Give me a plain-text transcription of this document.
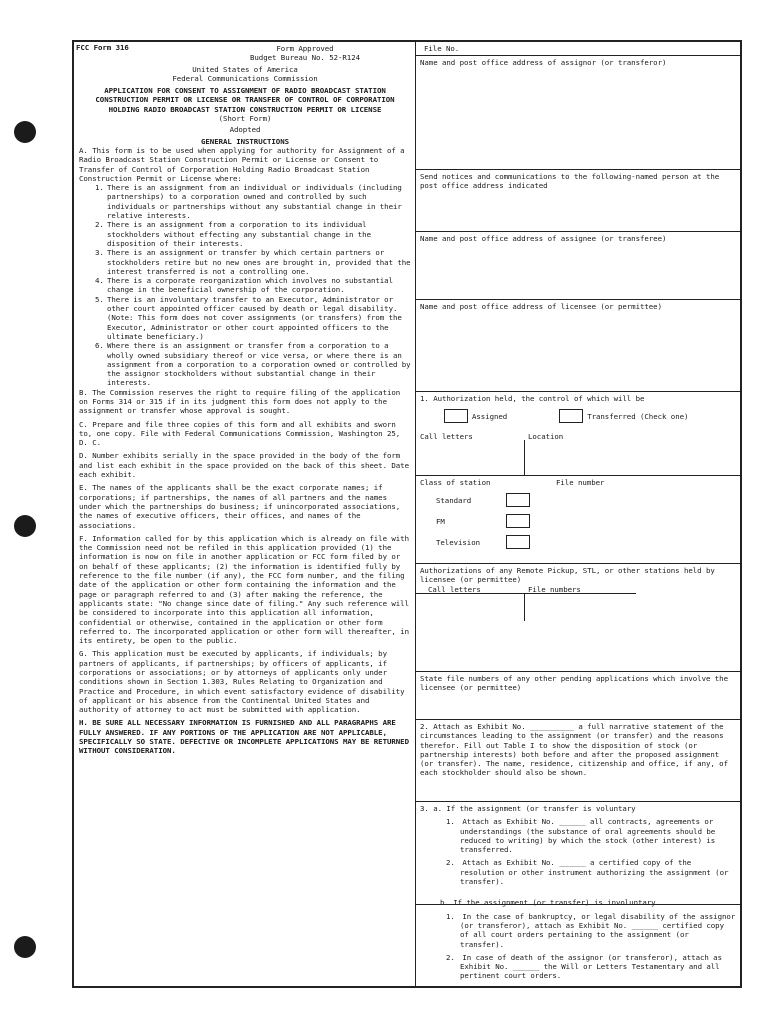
FCC Form 316	Form Approved
Budget Bureau No. 52-R124
United States of America
Federal Communications Commission
APPLICATION FOR CONSENT TO ASSIGNMENT OF RADIO BROADCAST STATION CONSTRUCTION PERMIT OR LICENSE OR TRANSFER OF CONTROL OF CORPORATION HOLDING RADIO BROADCAST STATION CONSTRUCTION PERMIT OR LICENSE
(Short Form)
Adopted
GENERAL INSTRUCTIONS
A. This form is to be used when applying for authority for Assignment of a Radio Broadcast Station Construction Permit or License or Consent to Transfer of Control of Corporation Holding Radio Broadcast Station Construction Permit or License where:
1. There is an assignment from an individual or individuals (including partnerships) to a corporation owned and controlled by such individuals or partnerships without any substantial change in their relative interests.
2. There is an assignment from a corporation to its individual stockholders without effecting any substantial change in the disposition of their interests.
3. There is an assignment or transfer by which certain partners or stockholders retire but no new ones are brought in, provided that the interest transferred is not a controlling one.
4. There is a corporate reorganization which involves no substantial change in the beneficial ownership of the corporation.
5. There is an involuntary transfer to an Executor, Administrator or other court appointed officer caused by death or legal disability. (Note: This form does not cover assignments (or transfers) from the Executor, Administrator or other court appointed officers to the ultimate beneficiary.)
6. Where there is an assignment or transfer from a corporation to a wholly owned subsidiary thereof or vice versa, or where there is an assignment from a corporation to a corporation owned or controlled by the assignor stockholders without substantial change in their interests.
B. The Commission reserves the right to require filing of the application on Forms 314 or 315 if in its judgment this form does not apply to the assignment or transfer whose approval is sought.
C. Prepare and file three copies of this form and all exhibits and sworn to, one copy. File with Federal Communications Commission, Washington 25, D. C.
D. Number exhibits serially in the space provided in the body of the form and list each exhibit in the space provided on the back of this sheet. Date each exhibit.
E. The names of the applicants shall be the exact corporate names; if corporations; if partnerships, the names of all partners and the names under which the partnerships do business; if unincorporated associations, the names of executive officers, their offices, and names of the associations.
F. Information called for by this application which is already on file with the Commission need not be refiled in this application provided (1) the information is now on file in another application or FCC form filed by or on behalf of these applicants; (2) the information is identified fully by reference to the file number (if any), the FCC form number, and the filing date of the application or other form containing the information and the page or paragraph referred to and (3) after making the reference, the applicants state: "No change since date of filing." Any such reference will be considered to incorporate into this application all information, confidential or otherwise, contained in the application or other form referred to. The incorporated application or other form will thereafter, in its entirety, be open to the public.
G. This application must be executed by applicants, if individuals; by partners of applicants, if partnerships; by officers of applicants, if corporations or associations; or by attorneys of applicants only under conditions shown in Section 1.303, Rules Relating to Organization and Practice and Procedure, in which event satisfactory evidence of disability of applicant or his absence from the Continental United States and authority of attorney to act must be submitted with application.
H. BE SURE ALL NECESSARY INFORMATION IS FURNISHED AND ALL PARAGRAPHS ARE FULLY ANSWERED. IF ANY PORTIONS OF THE APPLICATION ARE NOT APPLICABLE, SPECIFICALLY SO STATE. DEFECTIVE OR INCOMPLETE APPLICATIONS MAY BE RETURNED WITHOUT CONSIDERATION.
File No.
Name and post office address of assignor (or transferor)
Send notices and communications to the following-named person at the post office address indicated
Name and post office address of assignee (or transferee)
Name and post office address of licensee (or permittee)
1. Authorization held, the control of which will be
Assigned	Transferred (Check one)
Call letters	Location
Class of station	File number
Standard
FM
Television
Authorizations of any Remote Pickup, STL, or other stations held by licensee (or permittee)
Call letters	File numbers
State file numbers of any other pending applications which involve the licensee (or permittee)
2. Attach as Exhibit No. __________ a full narrative statement of the circumstances leading to the assignment (or transfer) and the reasons therefor. Fill out Table I to show the disposition of stock (or partnership interests) both before and after the proposed assignment (or transfer). The name, residence, citizenship and office, if any, of each stockholder should also be shown.
3. a. If the assignment (or transfer is voluntary
1. Attach as Exhibit No. ______ all contracts, agreements or understandings (the substance of oral agreements should be reduced to writing) by which the stock (other interest) is transferred.
2. Attach as Exhibit No. ______ a certified copy of the resolution or other instrument authorizing the assignment (or transfer).
b. If the assignment (or transfer) is involuntary
1. In the case of bankruptcy, or legal disability of the assignor (or transferor), attach as Exhibit No. ______ certified copy of all court orders pertaining to the assignment (or transfer).
2. In case of death of the assignor (or transferor), attach as Exhibit No. ______ the Will or Letters Testamentary and all pertinent court orders.
